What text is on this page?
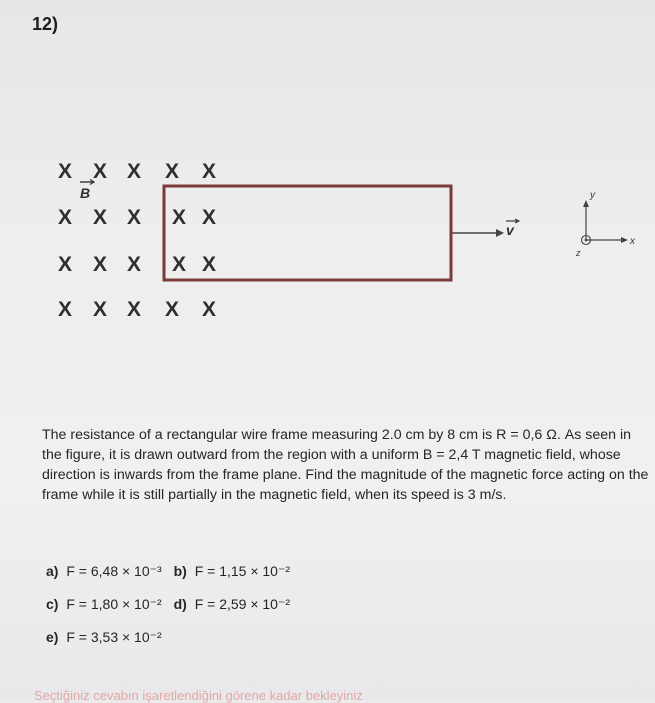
12)
X X X X X
X X X X X
X X X X X
X X X X X
B
v
y
x
z
The resistance of a rectangular wire frame measuring 2.0 cm by 8 cm is R = 0,6 Ω. As seen in the figure, it is drawn outward from the region with a uniform B = 2,4 T magnetic field, whose direction is inwards from the frame plane. Find the magnitude of the magnetic force acting on the frame while it is still partially in the magnetic field, when its speed is 3 m/s.
a) F = 6,48 × 10⁻³ b) F = 1,15 × 10⁻²
c) F = 1,80 × 10⁻² d) F = 2,59 × 10⁻²
e) F = 3,53 × 10⁻²
Seçtiğiniz cevabın işaretlendiğini görene kadar bekleyiniz
